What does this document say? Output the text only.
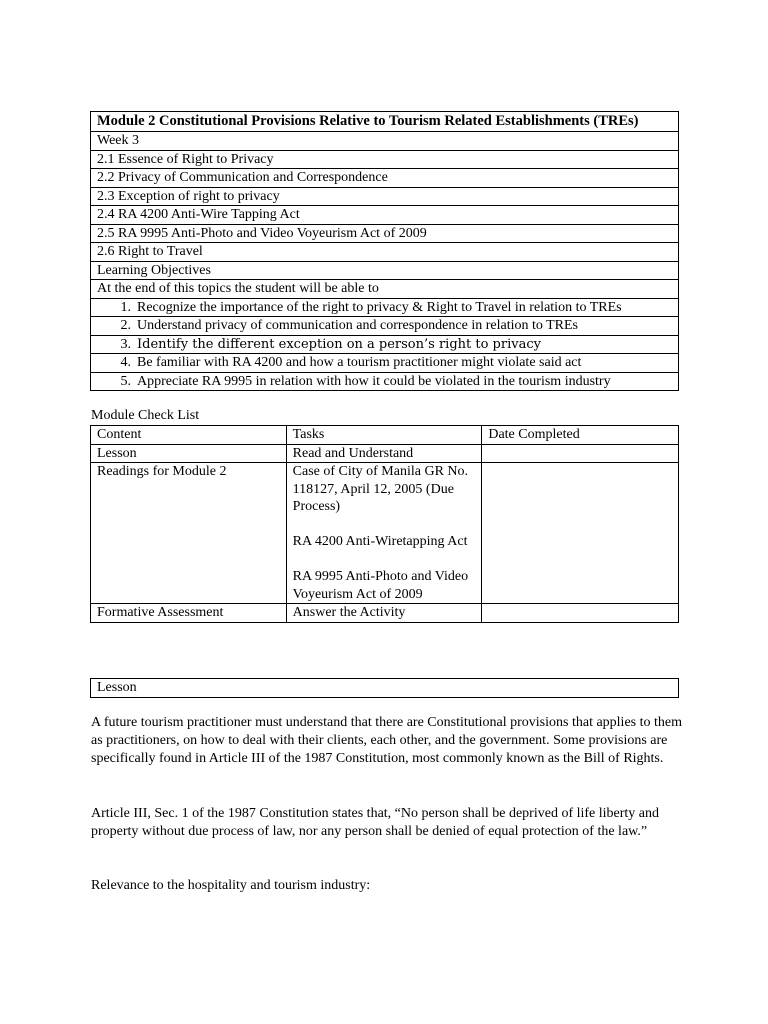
Module 2 Constitutional Provisions Relative to Tourism Related Establishments (TREs)
Week 3
2.1 Essence of Right to Privacy
2.2 Privacy of Communication and Correspondence
2.3 Exception of right to privacy
2.4 RA 4200 Anti-Wire Tapping Act
2.5 RA 9995 Anti-Photo and Video Voyeurism Act of 2009
2.6 Right to Travel
Learning Objectives
At the end of this topics the student will be able to

1. Recognize the importance of the right to privacy & Right to Travel in relation to TREs

2. Understand privacy of communication and correspondence in relation to TREs

3. Identify the different exception on a person’s right to privacy

4. Be familiar with RA 4200 and how a tourism practitioner might violate said act

5. Appreciate RA 9995 in relation with how it could be violated in the tourism industry
Module Check List
Content	Tasks	Date Completed
Lesson	Read and Understand	

Readings for Module 2	Case of City of Manila GR No. 118127, April 12, 2005 (Due Process)
RA 4200 Anti-Wiretapping Act
RA 9995 Anti-Photo and Video Voyeurism Act of 2009	

Formative Assessment	Answer the Activity	

Lesson

A future tourism practitioner must understand that there are Constitutional provisions that applies to them as practitioners, on how to deal with their clients, each other, and the government. Some provisions are specifically found in Article III of the 1987 Constitution, most commonly known as the Bill of Rights.

Article III, Sec. 1 of the 1987 Constitution states that, “No person shall be deprived of life liberty and property without due process of law, nor any person shall be denied of equal protection of the law.”

Relevance to the hospitality and tourism industry:
